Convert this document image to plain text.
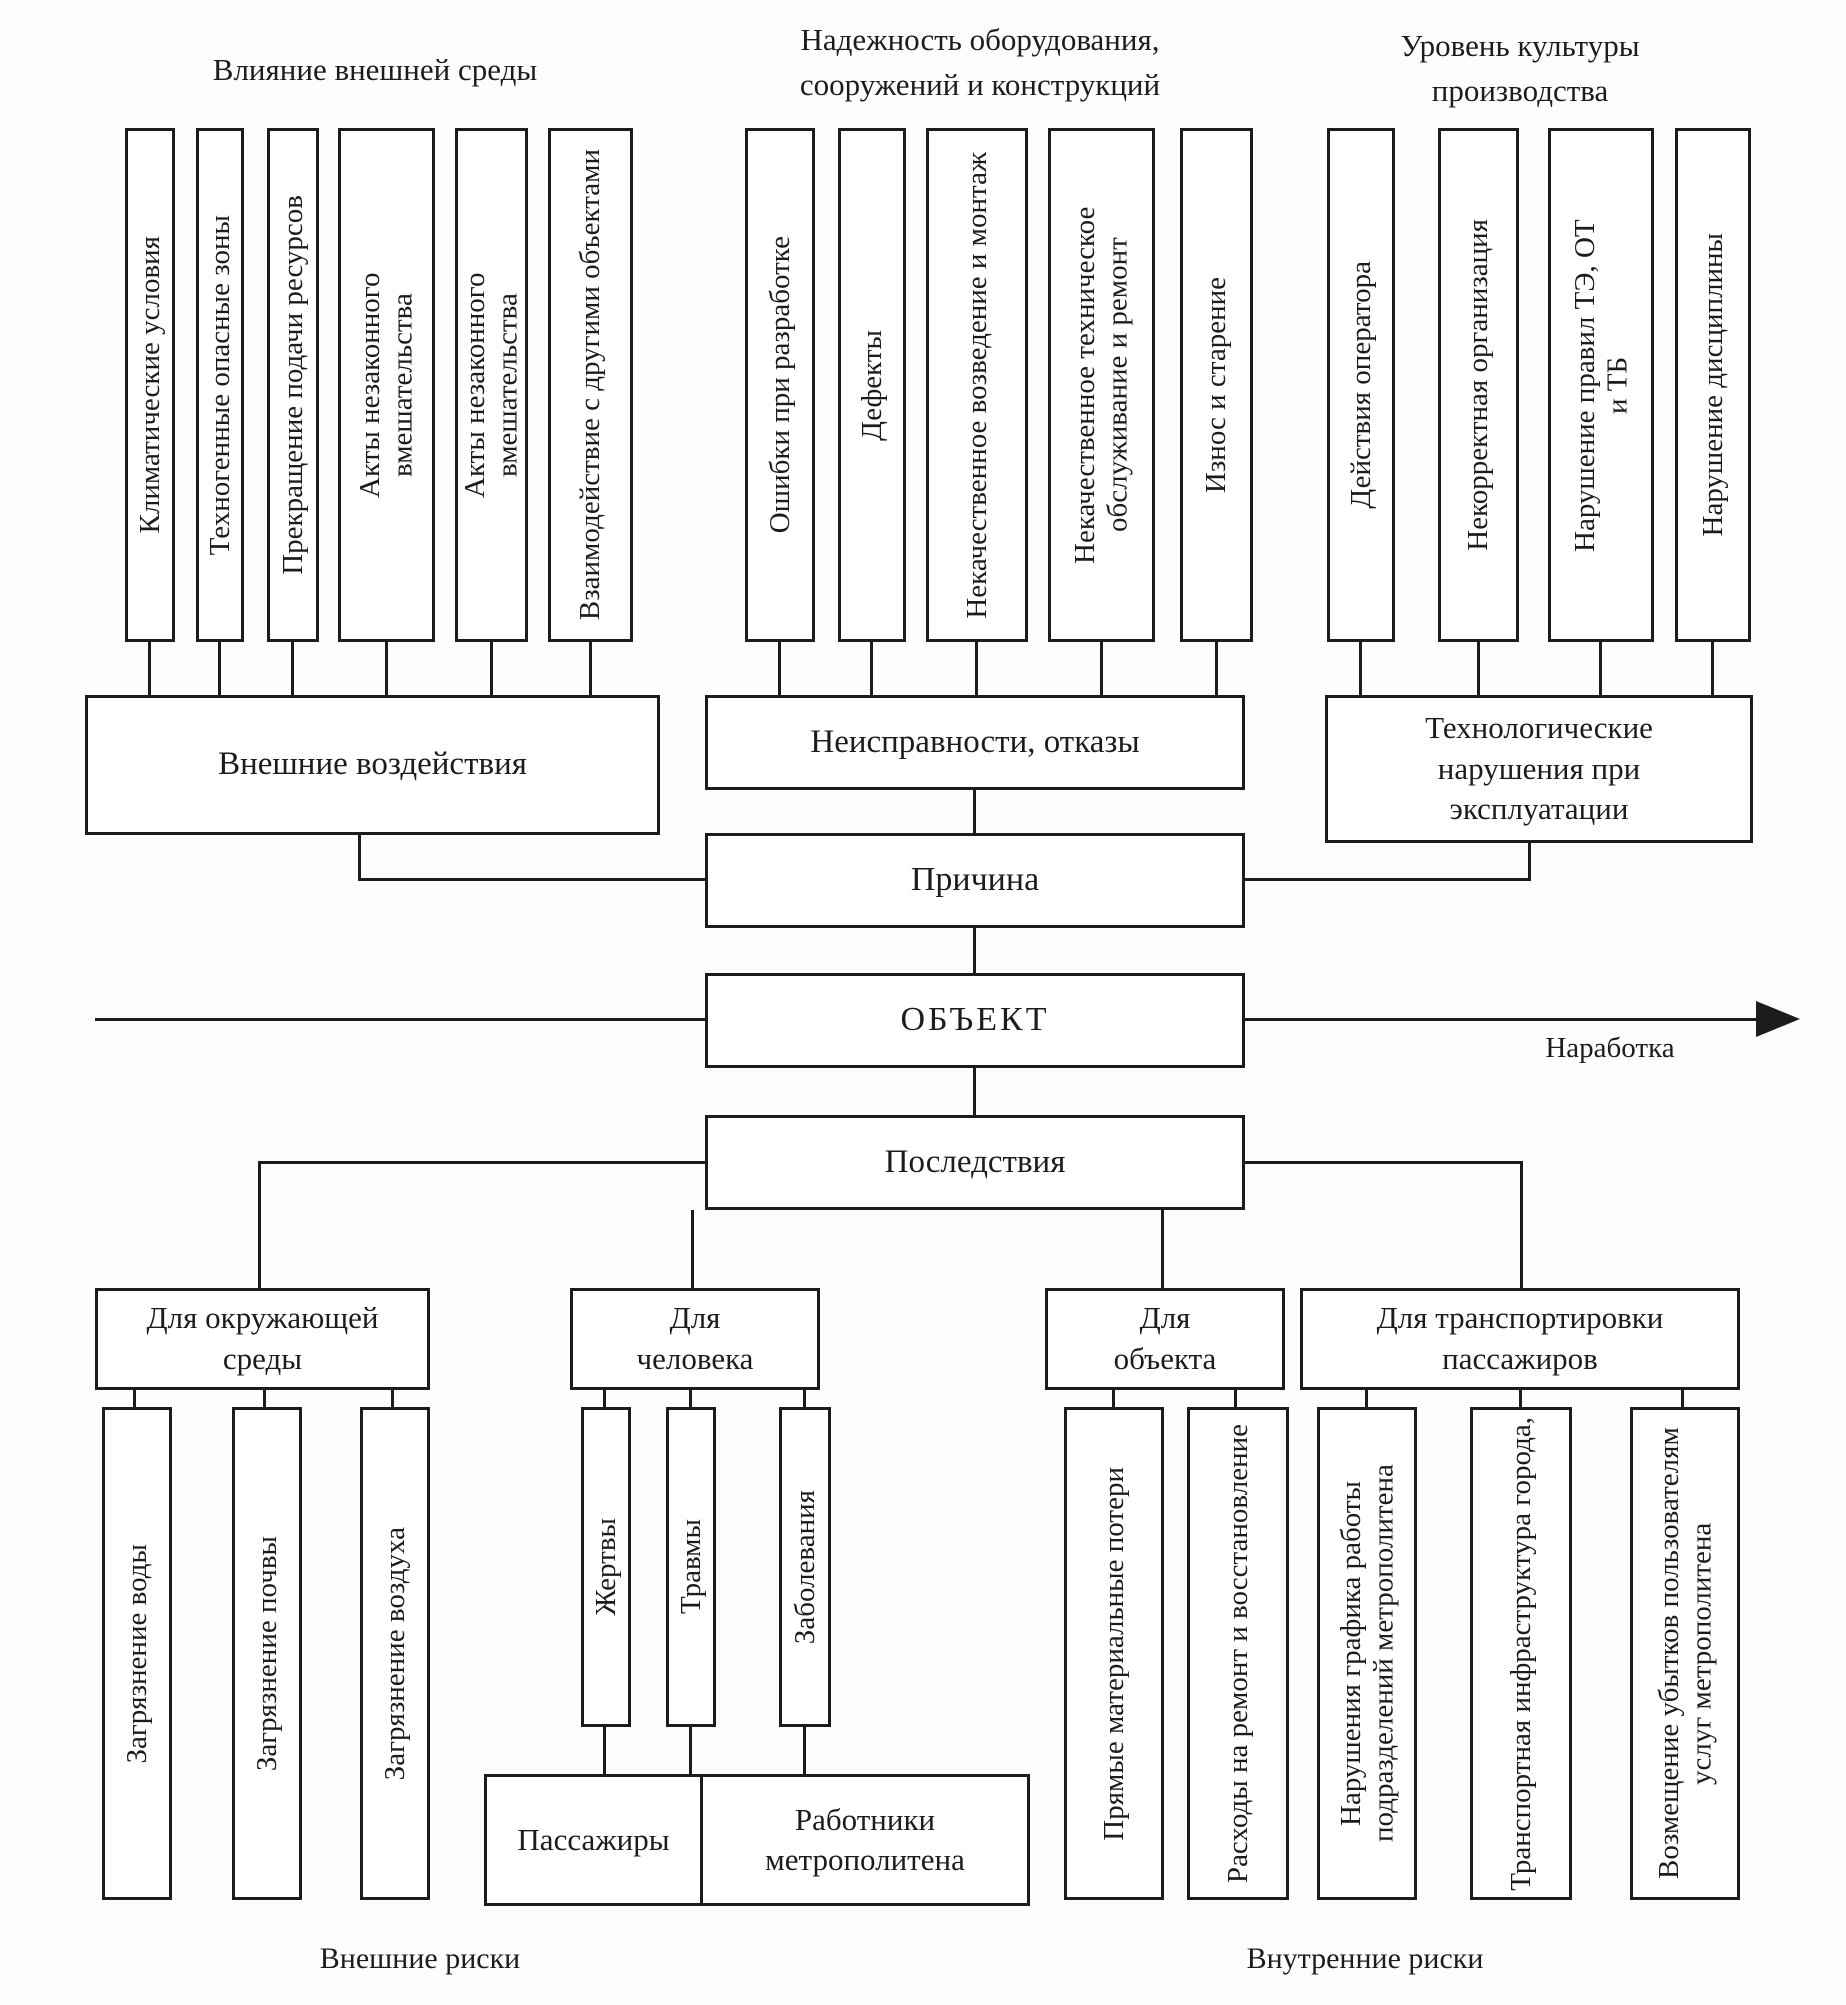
Влияние внешней среды
Надежность оборудования, сооружений и конструкций
Уровень культуры производства
Климатические условия Техногенные опасные зоны Прекращение подачи ресурсов Акты незаконного вмешательства Акты незаконного вмешательства Взаимодействие с другими объектами	Ошибки при разработке Дефекты	Некачественное возведение и монтаж	Некачественное техническое обслуживание и ремонт Износ и старение	Действия оператора	Некорректная организация	Нарушение правил ТЭ, ОТ и ТБ Нарушение дисциплины
Внешние воздействия
Неисправности, отказы	Технологические нарушения при эксплуатации
Причина
ОБЪЕКТ
Наработка
Последствия
Для окружающей среды
Для человека
Для объекта
Для транспортировки пассажиров
Загрязнение воды	Загрязнение почвы	Загрязнение воздуха	Жертвы Травмы	Заболевания
Пассажиры
Работники метрополитена
Прямые материальные потери	Расходы на ремонт и восстановление	Нарушения графика работы подразделений метрополитена	Транспортная инфраструктура города,	Возмещение убытков пользователям услуг метрополитена
Внешние риски	Внутренние риски
